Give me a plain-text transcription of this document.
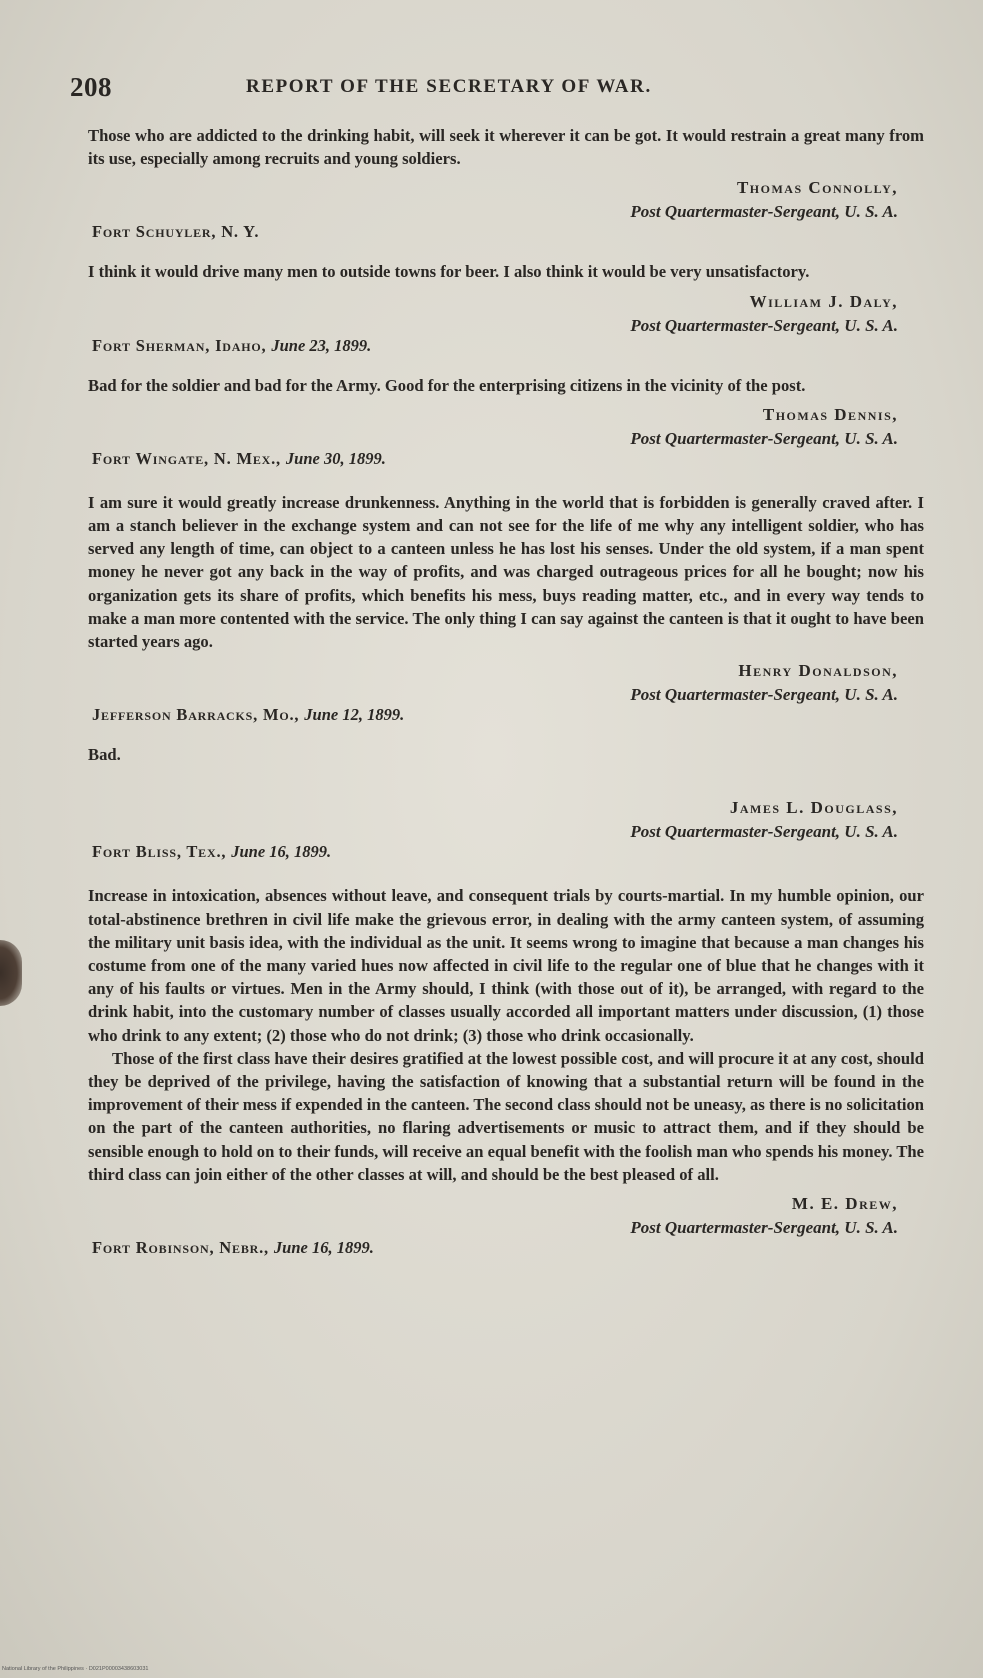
208	REPORT OF THE SECRETARY OF WAR.

Those who are addicted to the drinking habit, will seek it wherever it can be got. It would restrain a great many from its use, especially among recruits and young soldiers.

Thomas Connolly,
Post Quartermaster-Sergeant, U. S. A.
Fort Schuyler, N. Y.

I think it would drive many men to outside towns for beer. I also think it would be very unsatisfactory.

William J. Daly,
Post Quartermaster-Sergeant, U. S. A.
Fort Sherman, Idaho, June 23, 1899.

Bad for the soldier and bad for the Army. Good for the enterprising citizens in the vicinity of the post.

Thomas Dennis,
Post Quartermaster-Sergeant, U. S. A.
Fort Wingate, N. Mex., June 30, 1899.

I am sure it would greatly increase drunkenness. Anything in the world that is forbidden is generally craved after. I am a stanch believer in the exchange system and can not see for the life of me why any intelligent soldier, who has served any length of time, can object to a canteen unless he has lost his senses. Under the old system, if a man spent money he never got any back in the way of profits, and was charged outrageous prices for all he bought; now his organization gets its share of profits, which benefits his mess, buys reading matter, etc., and in every way tends to make a man more contented with the service. The only thing I can say against the canteen is that it ought to have been started years ago.

Henry Donaldson,
Post Quartermaster-Sergeant, U. S. A.
Jefferson Barracks, Mo., June 12, 1899.

Bad.

James L. Douglass,
Post Quartermaster-Sergeant, U. S. A.
Fort Bliss, Tex., June 16, 1899.

Increase in intoxication, absences without leave, and consequent trials by courts-martial. In my humble opinion, our total-abstinence brethren in civil life make the grievous error, in dealing with the army canteen system, of assuming the military unit basis idea, with the individual as the unit. It seems wrong to imagine that because a man changes his costume from one of the many varied hues now affected in civil life to the regular one of blue that he changes with it any of his faults or virtues. Men in the Army should, I think (with those out of it), be arranged, with regard to the drink habit, into the customary number of classes usually accorded all important matters under discussion, (1) those who drink to any extent; (2) those who do not drink; (3) those who drink occasionally.

Those of the first class have their desires gratified at the lowest possible cost, and will procure it at any cost, should they be deprived of the privilege, having the satisfaction of knowing that a substantial return will be found in the improvement of their mess if expended in the canteen. The second class should not be uneasy, as there is no solicitation on the part of the canteen authorities, no flaring advertisements or music to attract them, and if they should be sensible enough to hold on to their funds, will receive an equal benefit with the foolish man who spends his money. The third class can join either of the other classes at will, and should be the best pleased of all.

M. E. Drew,
Post Quartermaster-Sergeant, U. S. A.
Fort Robinson, Nebr., June 16, 1899.
National Library of the Philippines · D021P00003438603031
